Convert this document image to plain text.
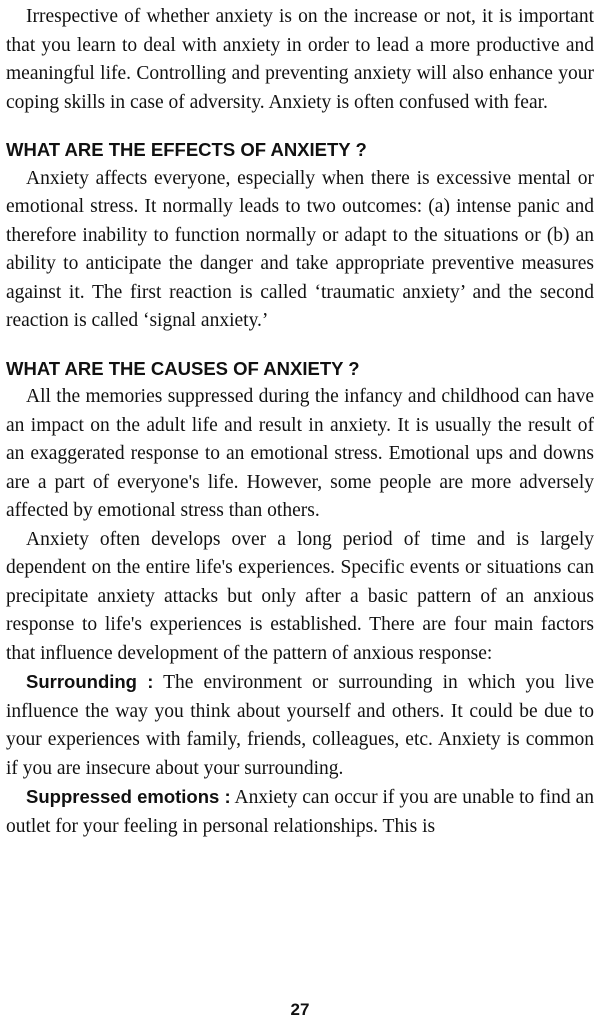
Irrespective of whether anxiety is on the increase or not, it is important that you learn to deal with anxiety in order to lead a more productive and meaningful life. Controlling and preventing anxiety will also enhance your coping skills in case of adversity. Anxiety is often confused with fear.

WHAT ARE THE EFFECTS OF ANXIETY ?

Anxiety affects everyone, especially when there is excessive mental or emotional stress. It normally leads to two outcomes: (a) intense panic and therefore inability to function normally or adapt to the situations or (b) an ability to anticipate the danger and take appropriate preventive measures against it. The first reaction is called ‘traumatic anxiety’ and the second reaction is called ‘signal anxiety.’

WHAT ARE THE CAUSES OF ANXIETY ?

All the memories suppressed during the infancy and childhood can have an impact on the adult life and result in anxiety. It is usually the result of an exaggerated response to an emotional stress. Emotional ups and downs are a part of everyone's life. However, some people are more adversely affected by emotional stress than others.

Anxiety often develops over a long period of time and is largely dependent on the entire life's experiences. Specific events or situations can precipitate anxiety attacks but only after a basic pattern of an anxious response to life's experiences is established. There are four main factors that influence development of the pattern of anxious response:

Surrounding : The environment or surrounding in which you live influence the way you think about yourself and others. It could be due to your experiences with family, friends, colleagues, etc. Anxiety is common if you are insecure about your surrounding.

Suppressed emotions : Anxiety can occur if you are unable to find an outlet for your feeling in personal relationships. This is

27
